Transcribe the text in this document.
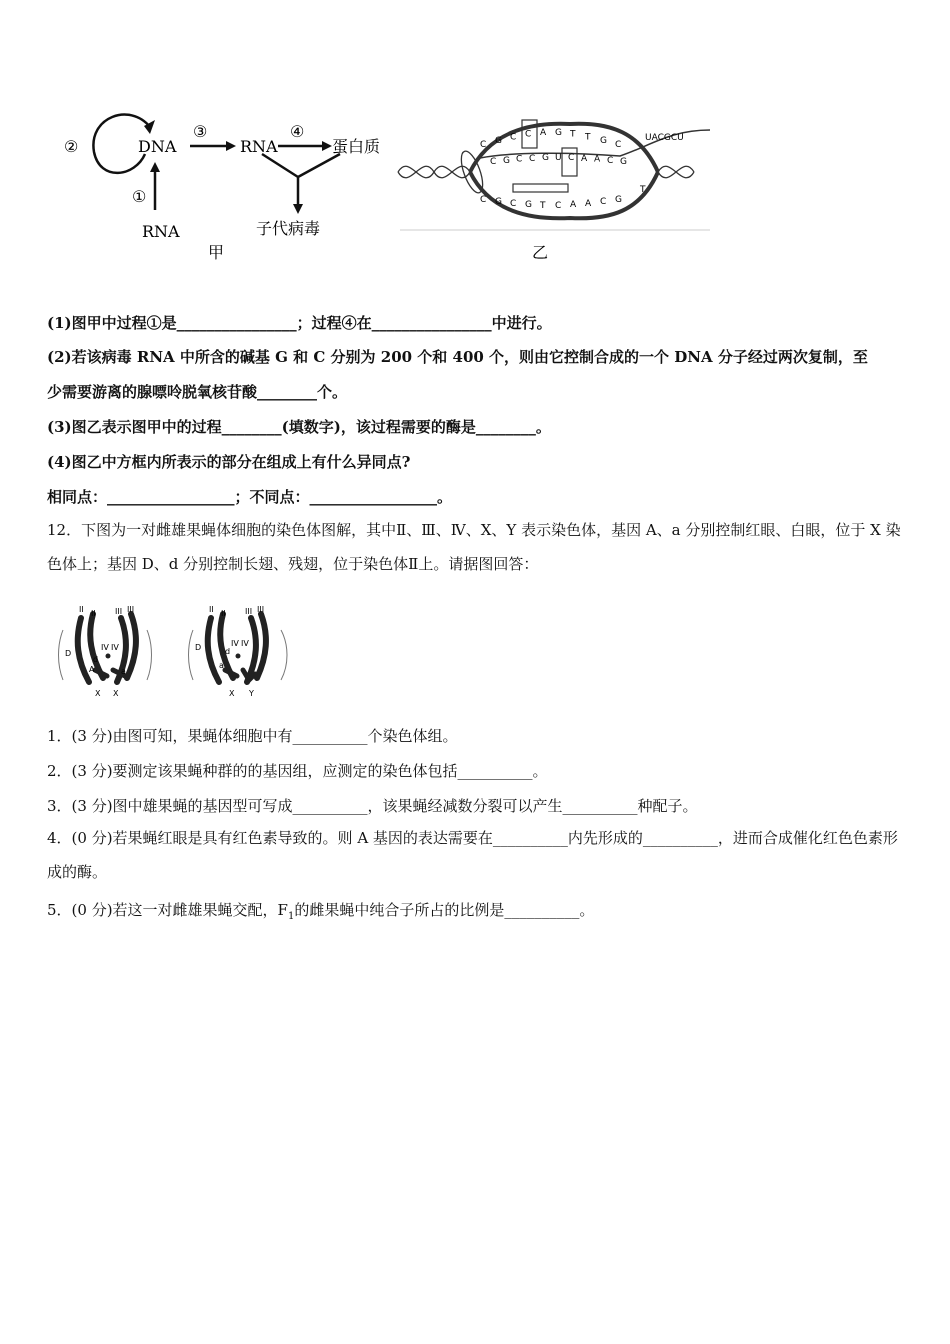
②	DNA
③
RNA
④
蛋白质
①
RNA	子代病毒
甲
UACGCU
T
C G C C A G T T G C
C G C C G U C A A C G
C G C G T C A A C G
乙
(1)图甲中过程①是________________；过程④在________________中进行。
(2)若该病毒 RNA 中所含的碱基 G 和 C 分别为 200 个和 400 个，则由它控制合成的一个 DNA 分子经过两次复制，至
少需要游离的腺嘌呤脱氧核苷酸________个。
(3)图乙表示图甲中的过程________(填数字)，该过程需要的酶是________。
(4)图乙中方框内所表示的部分在组成上有什么异同点?
相同点：_________________；不同点：_________________。
12．下图为一对雌雄果蝇体细胞的染色体图解，其中Ⅱ、Ⅲ、Ⅳ、X、Y 表示染色体，基因 A、a 分别控制红眼、白眼，位于 X 染色体上；基因 D、d 分别控制长翅、残翅，位于染色体Ⅱ上。请据图回答：
II II III III
D
d
IV IV
A	a
X X
II II III III
D	d
IV IV
a
X Y
1．(3 分)由图可知，果蝇体细胞中有__________个染色体组。
2．(3 分)要测定该果蝇种群的的基因组，应测定的染色体包括__________。
3．(3 分)图中雄果蝇的基因型可写成__________，该果蝇经减数分裂可以产生__________种配子。
4．(0 分)若果蝇红眼是具有红色素导致的。则 A 基因的表达需要在__________内先形成的__________，进而合成催化红色色素形成的酶。
5．(0 分)若这一对雌雄果蝇交配，$F_1$的雌果蝇中纯合子所占的比例是__________。
